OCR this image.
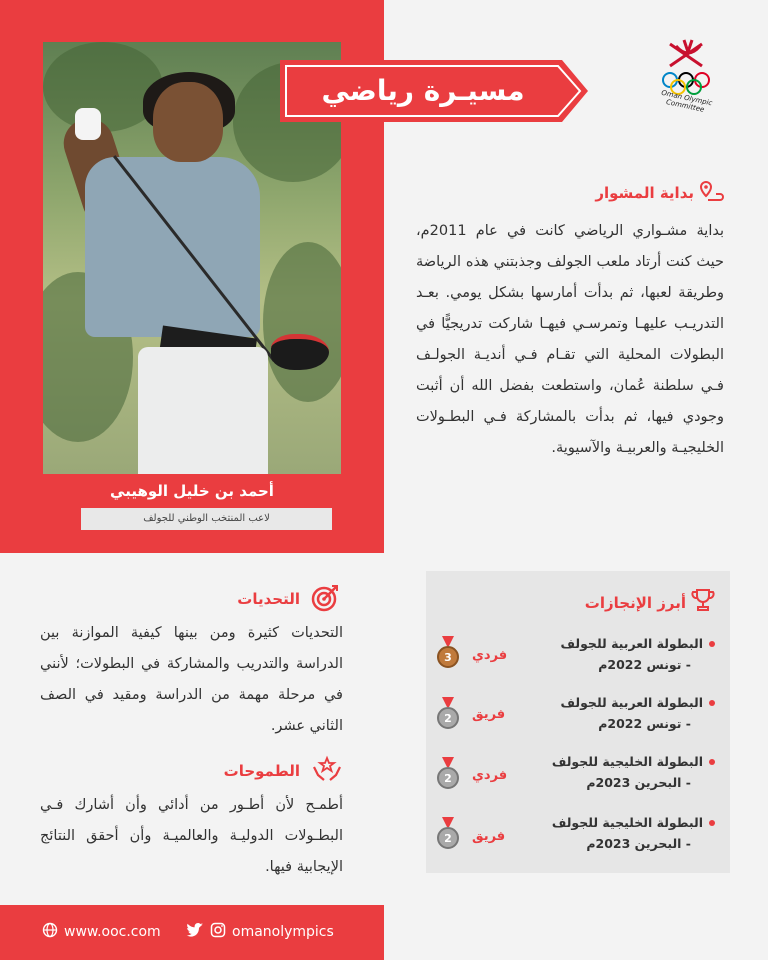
أحمد بن خليل الوهيبي
لاعب المنتخب الوطني للجولف
مسيـرة رياضي	Oman Olympic Committee
بداية المشوار
بداية مشـواري الرياضي كانت في عام 2011م، حيث كنت أرتاد ملعب الجولف وجذبتني هذه الرياضة وطريقة لعبها، ثم بدأت أمارسها بشكل يومي. بعـد التدريـب عليهـا وتمرسـي فيهـا شاركت تدريجيًّا في البطولات المحلية التي تقـام فـي أنديـة الجولـف فـي سلطنة عُمان، واستطعت بفضل الله أن أثبت وجودي فيها، ثم بدأت بالمشاركة فـي البطـولات الخليجيـة والعربيـة والآسيوية.
التحديات
التحديات كثيرة ومن بينها كيفية الموازنة بين الدراسة والتدريب والمشاركة في البطولات؛ لأنني في مرحلة مهمة من الدراسة ومقيد في الصف الثاني عشر.
الطموحات
أطمـح لأن أطـور من أدائي وأن أشارك فـي البطـولات الدوليـة والعالميـة وأن أحقق النتائج الإيجابية فيها.
أبرز الإنجازات
البطولة العربية للجولف
- تونس 2022م
فردي
3
البطولة العربية للجولف
- تونس 2022م
فريق
2
البطولة الخليجية للجولف
- البحرين 2023م
فردي
2
البطولة الخليجية للجولف
- البحرين 2023م
فريق
2
www.ooc.com	omanolympics
